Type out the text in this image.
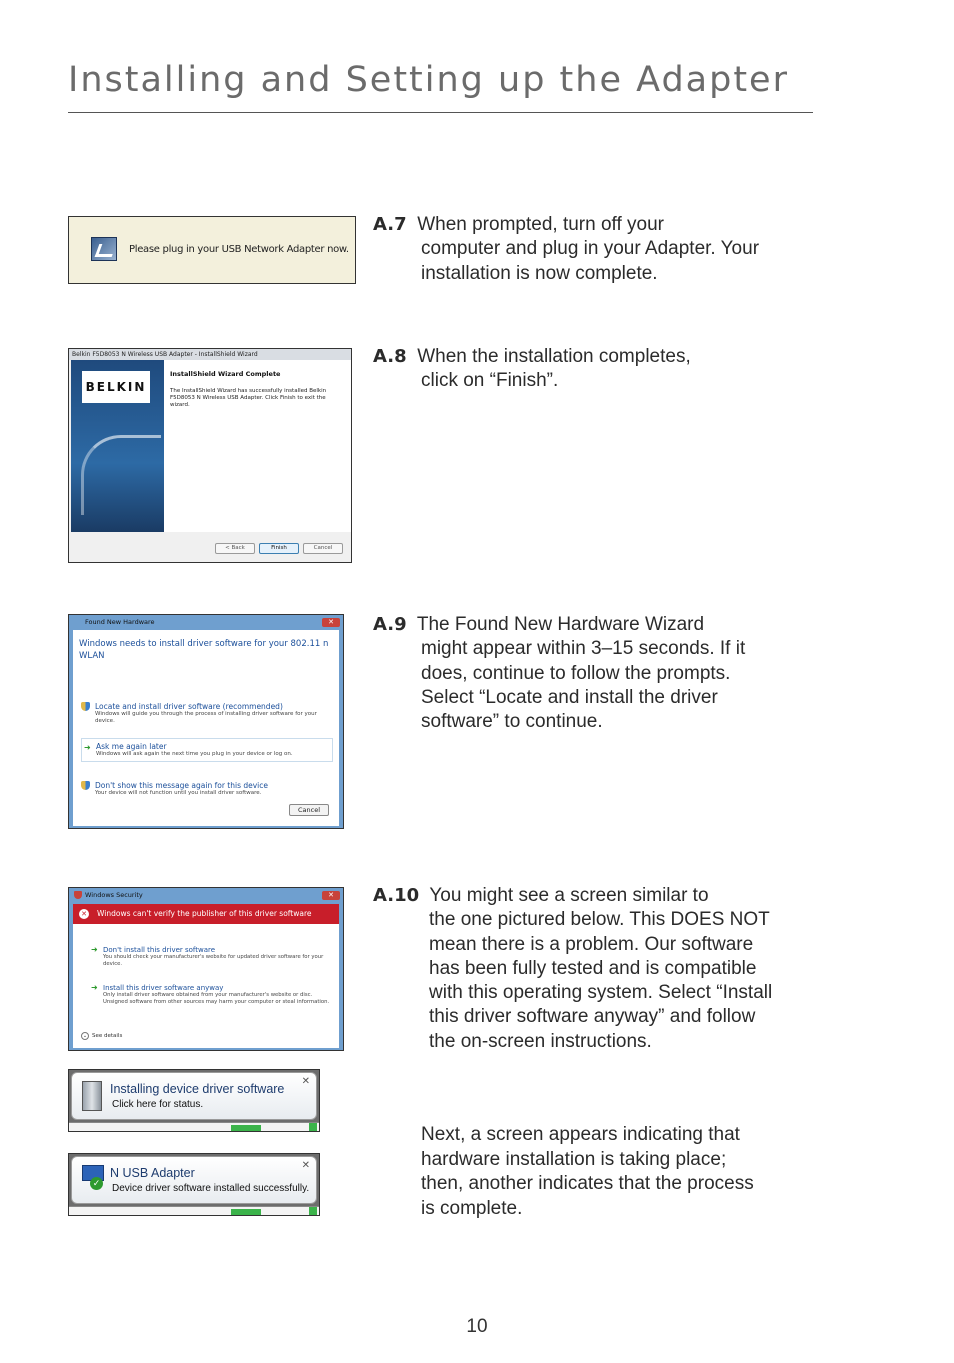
Installing and Setting up the Adapter
Please plug in your USB Network Adapter now.
Belkin F5D8053 N Wireless USB Adapter - InstallShield Wizard
BELKIN
InstallShield Wizard Complete
The InstallShield Wizard has successfully installed Belkin F5D8053 N Wireless USB Adapter. Click Finish to exit the wizard.
< Back	Finish	Cancel
Found New Hardware	✕
Windows needs to install driver software for your 802.11 n WLAN
Locate and install driver software (recommended)
Windows will guide you through the process of installing driver software for your device.
➜ Ask me again later
Windows will ask again the next time you plug in your device or log on.
Don't show this message again for this device
Your device will not function until you install driver software.
Cancel
Windows Security	✕
✕ Windows can't verify the publisher of this driver software
➜ Don't install this driver software
You should check your manufacturer's website for updated driver software for your device.
➜ Install this driver software anyway
Only install driver software obtained from your manufacturer's website or disc. Unsigned software from other sources may harm your computer or steal information.
⌄ See details
Installing device driver software
Click here for status.
✕
✓
N USB Adapter
Device driver software installed successfully.
✕
A.7 When prompted, turn off your
computer and plug in your Adapter. Your installation is now complete.
A.8 When the installation completes,
click on “Finish”.
A.9 The Found New Hardware Wizard
might appear within 3–15 seconds. If it does, continue to follow the prompts. Select “Locate and install the driver software” to continue.
A.10 You might see a screen similar to
the one pictured below. This DOES NOT mean there is a problem. Our software has been fully tested and is compatible with this operating system. Select “Install this driver software anyway” and follow the on-screen instructions.
Next, a screen appears indicating that hardware installation is taking place; then, another indicates that the process is complete.
10
